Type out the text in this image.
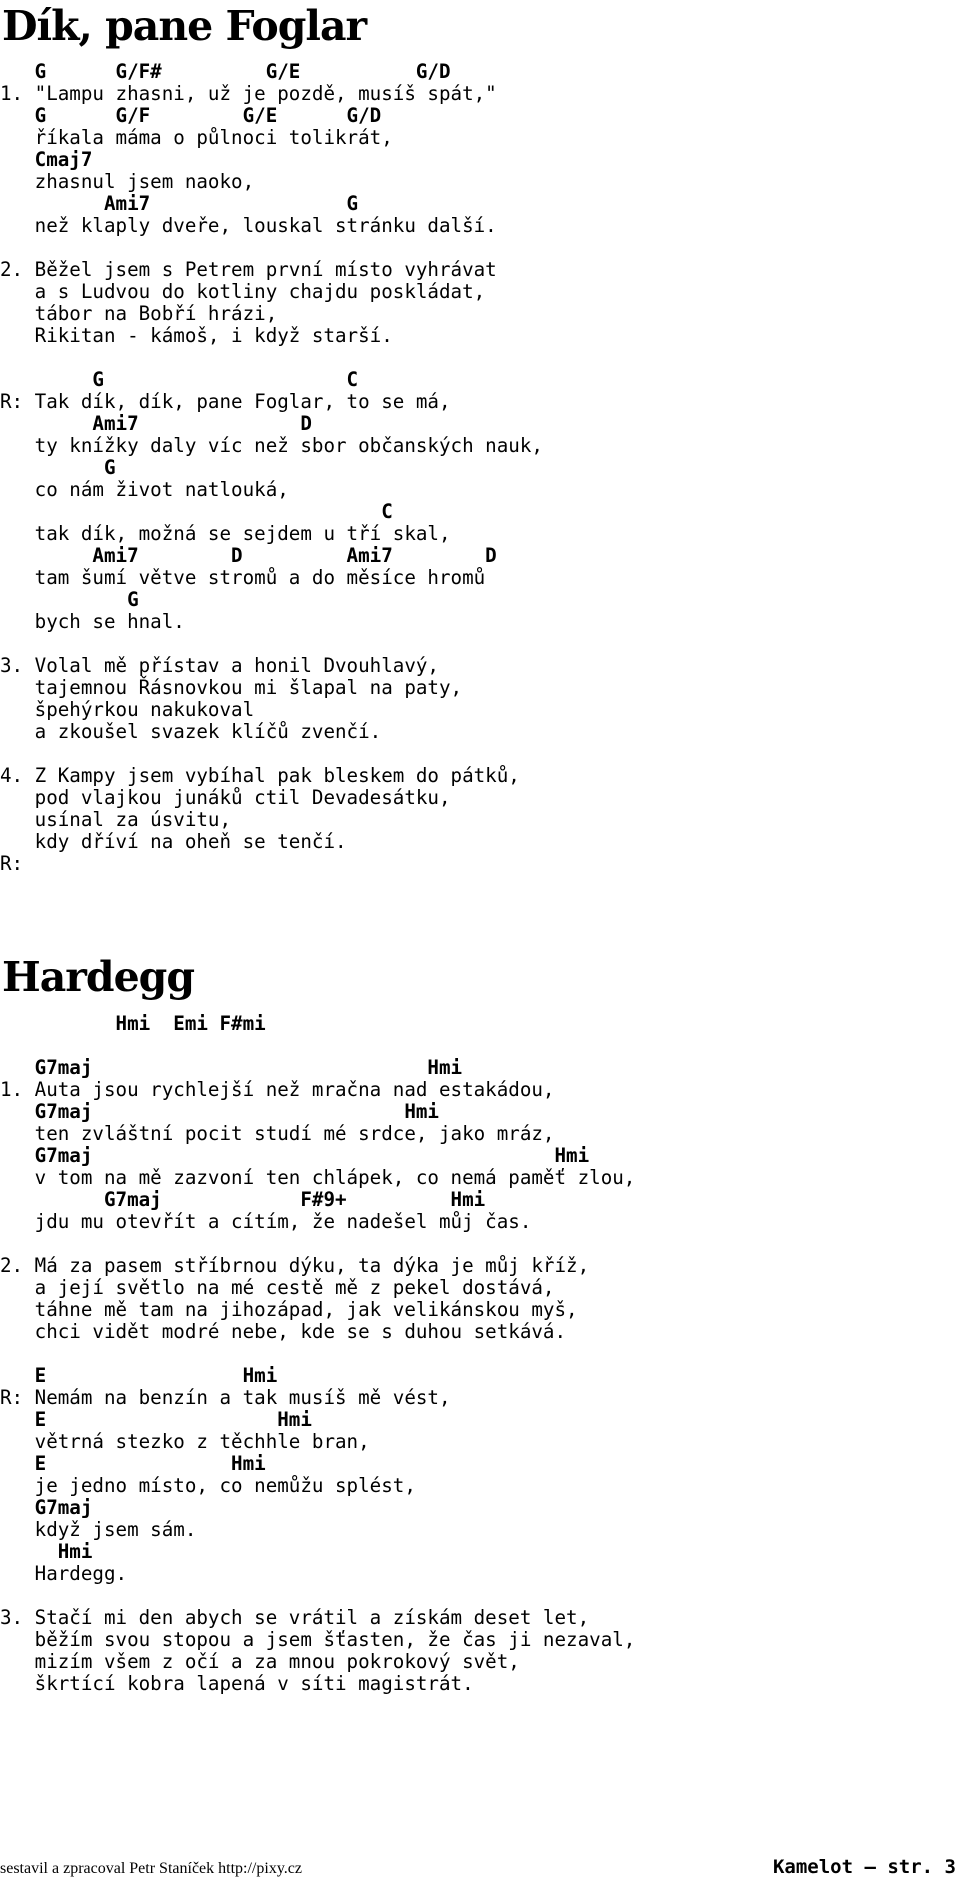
Dík, pane Foglar
G      G/F#         G/E          G/D
1. "Lampu zhasni, už je pozdě, musíš spát,"
G      G/F        G/E      G/D
říkala máma o půlnoci tolikrát,
Cmaj7
zhasnul jsem naoko,
Ami7                 G
než klaply dveře, louskal stránku další.
2. Běžel jsem s Petrem první místo vyhrávat
a s Ludvou do kotliny chajdu poskládat,
tábor na Bobří hrázi,
Rikitan - kámoš, i když starší.
G                     C
R: Tak dík, dík, pane Foglar, to se má,
Ami7              D
ty knížky daly víc než sbor občanských nauk,
G
co nám život natlouká,
C
tak dík, možná se sejdem u tří skal,
Ami7        D         Ami7        D
tam šumí větve stromů a do měsíce hromů
G
bych se hnal.
3. Volal mě přístav a honil Dvouhlavý,
tajemnou Řásnovkou mi šlapal na paty,
špehýrkou nakukoval
a zkoušel svazek klíčů zvenčí.
4. Z Kampy jsem vybíhal pak bleskem do pátků,
pod vlajkou junáků ctil Devadesátku,
usínal za úsvitu,
kdy dříví na oheň se tenčí.
R:
Hardegg
Hmi  Emi F#mi
G7maj                             Hmi
1. Auta jsou rychlejší než mračna nad estakádou,
G7maj                           Hmi
ten zvláštní pocit studí mé srdce, jako mráz,
G7maj                                        Hmi
v tom na mě zazvoní ten chlápek, co nemá paměť zlou,
G7maj            F#9+         Hmi
jdu mu otevřít a cítím, že nadešel můj čas.
2. Má za pasem stříbrnou dýku, ta dýka je můj kříž,
a její světlo na mé cestě mě z pekel dostává,
táhne mě tam na jihozápad, jak velikánskou myš,
chci vidět modré nebe, kde se s duhou setkává.
E                 Hmi
R: Nemám na benzín a tak musíš mě vést,
E                    Hmi
větrná stezko z těchhle bran,
E                Hmi
je jedno místo, co nemůžu splést,
G7maj
když jsem sám.
Hmi
Hardegg.
3. Stačí mi den abych se vrátil a získám deset let,
běžím svou stopou a jsem šťasten, že čas ji nezaval,
mizím všem z očí a za mnou pokrokový svět,
škrtící kobra lapená v síti magistrát.
sestavil a zpracoval Petr Staníček http://pixy.cz	Kamelot — str. 3
